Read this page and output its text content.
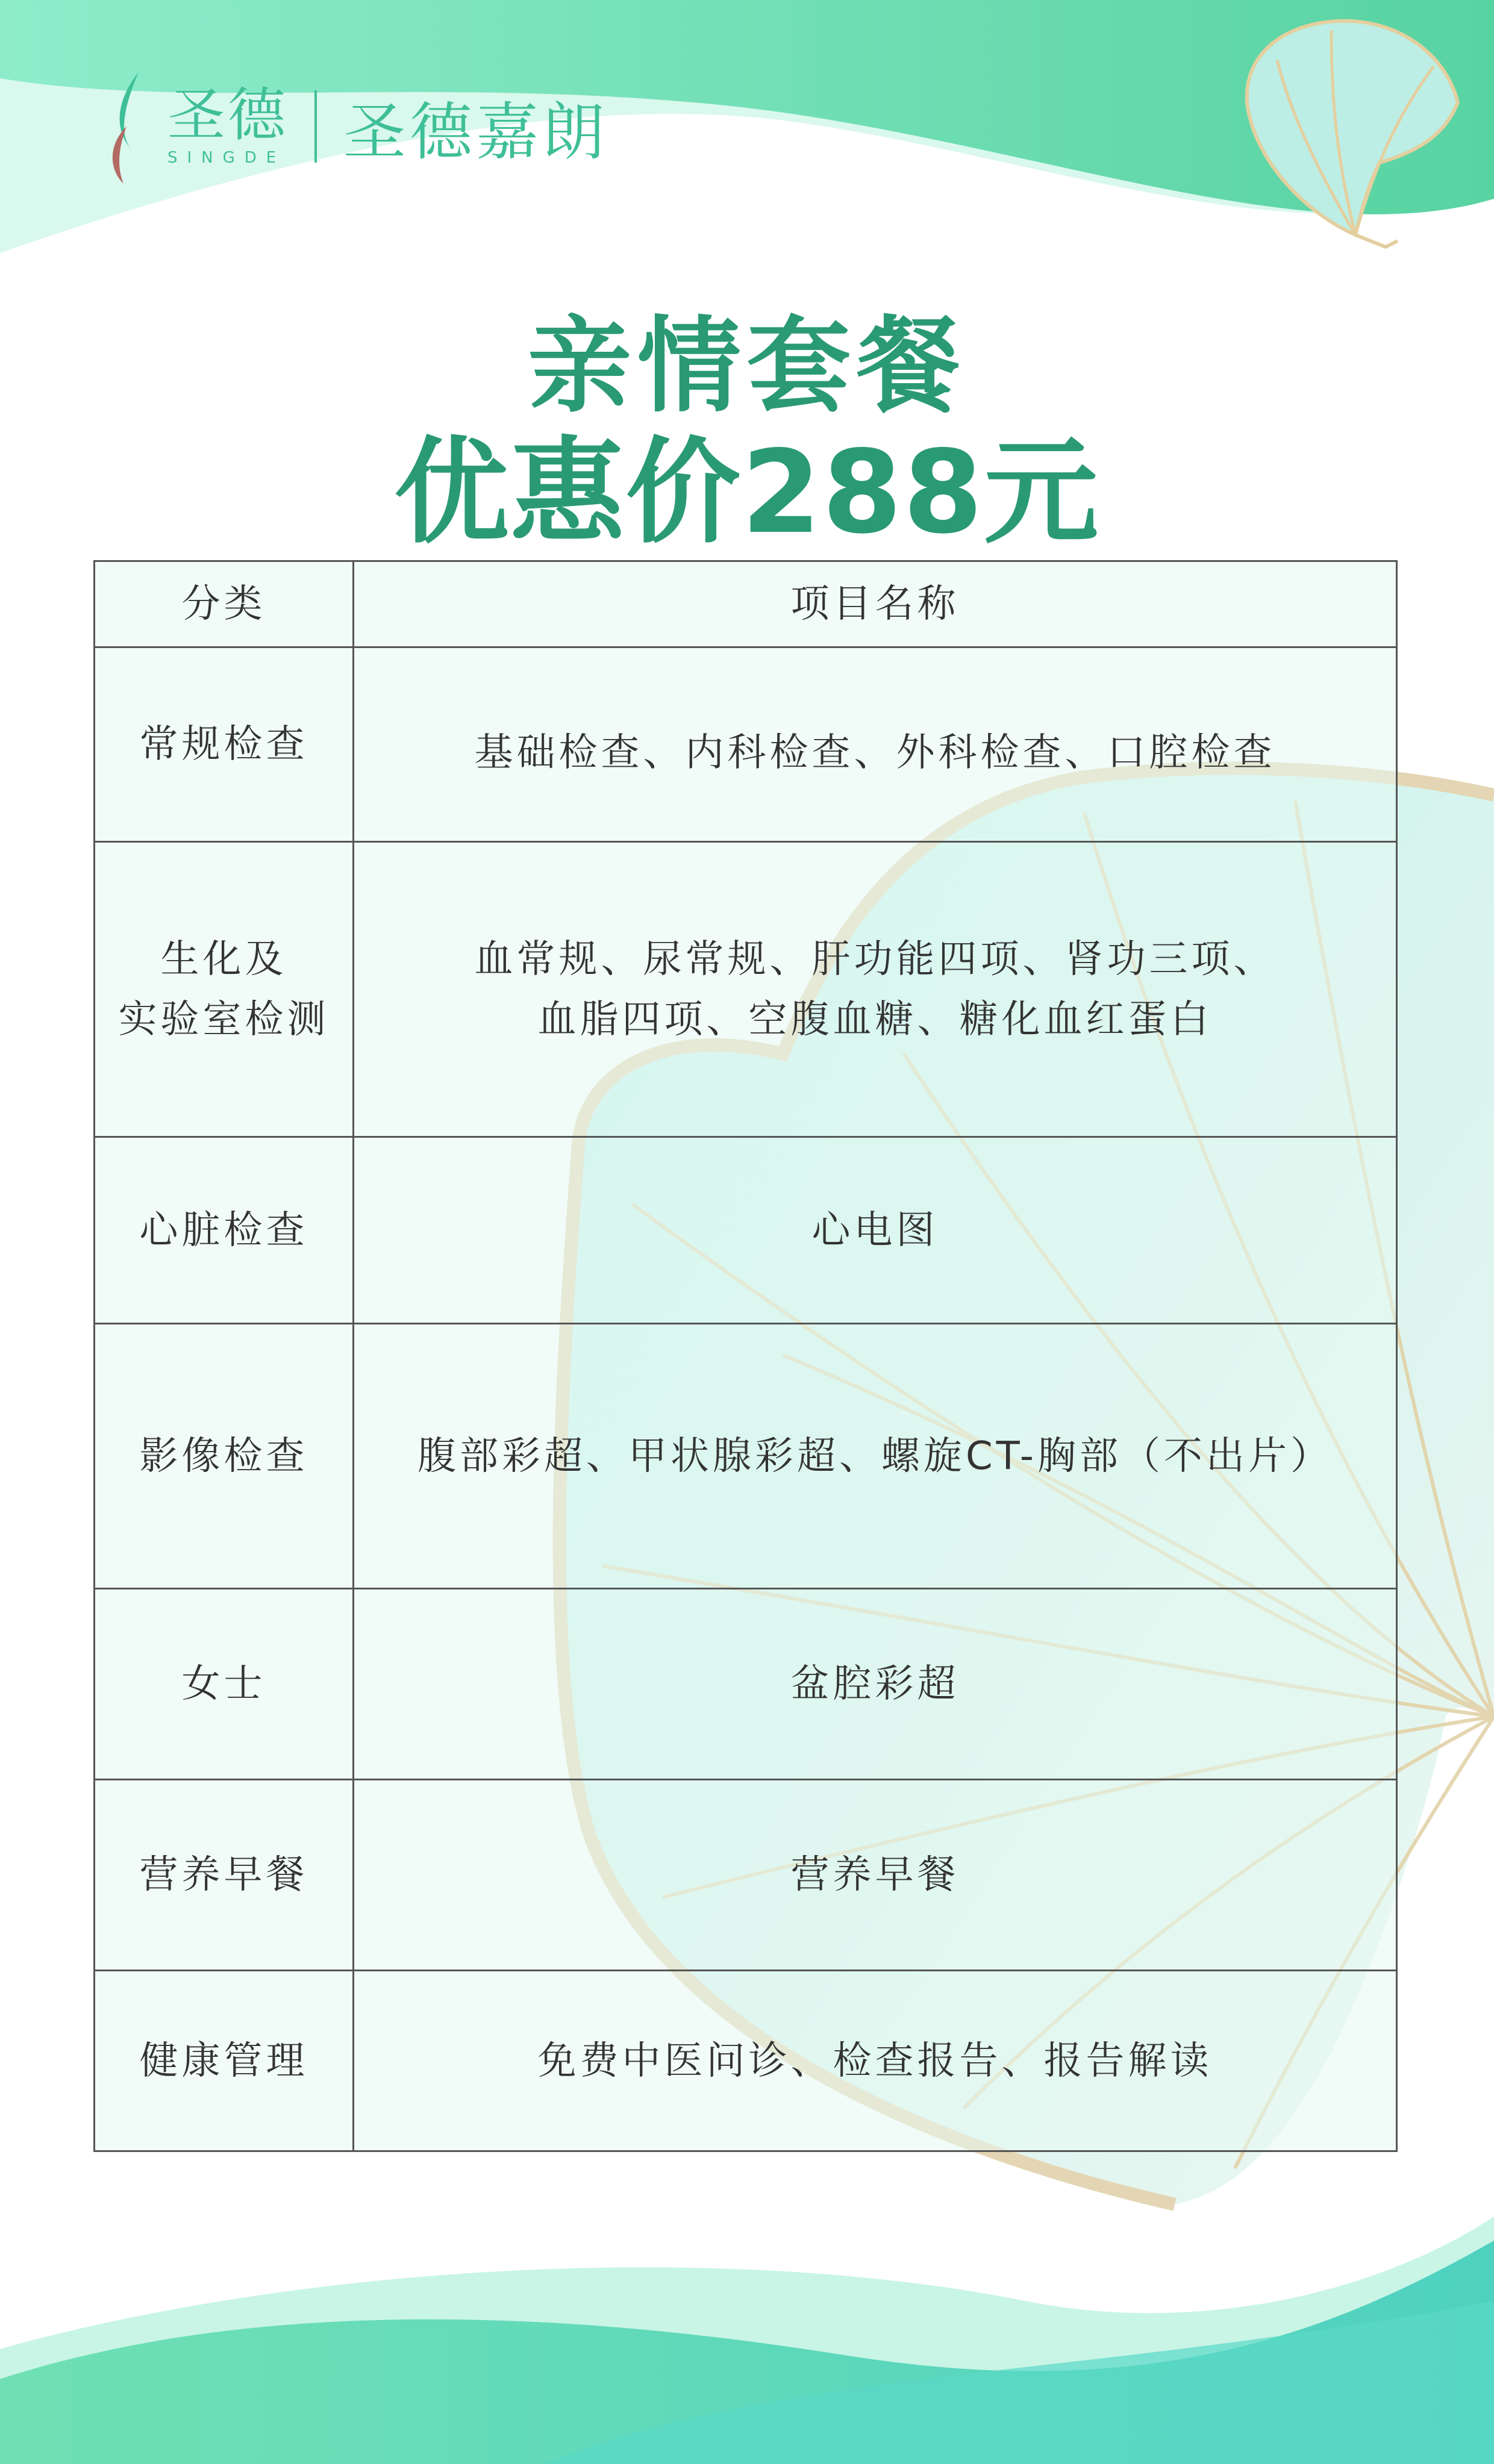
圣德
SINGDE 圣德嘉朗
亲情套餐
优惠价288元
分类	项目名称

常规检查	基础检查、内科检查、外科检查、口腔检查

生化及
实验室检测	血常规、尿常规、肝功能四项、肾功三项、
血脂四项、空腹血糖、糖化血红蛋白

心脏检查	心电图

影像检查	腹部彩超、甲状腺彩超、螺旋CT-胸部（不出片）

女士	盆腔彩超

营养早餐	营养早餐

健康管理	免费中医问诊、检查报告、报告解读
